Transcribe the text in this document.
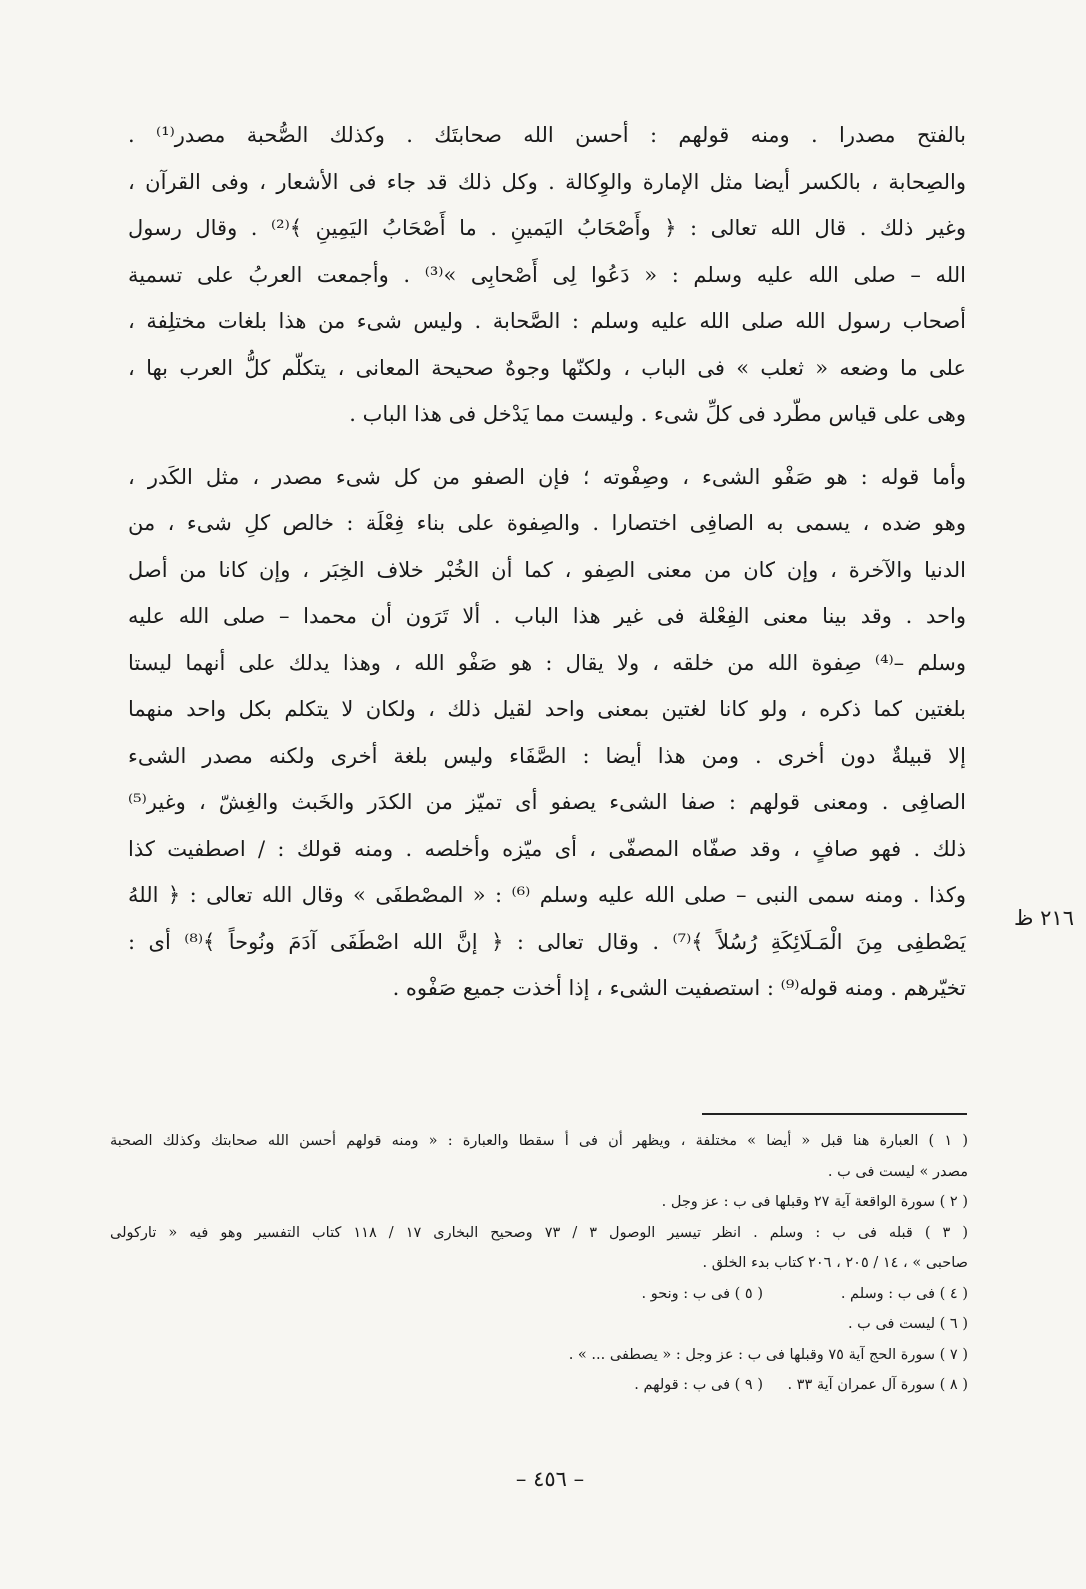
بالفتح مصدرا . ومنه قولهم : أحسن الله صحابتَك . وكذلك الصُّحبة مصدر⁽¹⁾ .
والصِحابة ، بالكسر أيضا مثل الإمارة والوِكالة . وكل ذلك قد جاء فى الأشعار ، وفى القرآن ،
وغير ذلك . قال الله تعالى : ﴿ وأَصْحَابُ اليَمينِ . ما أَصْحَابُ اليَمِينِ ﴾⁽²⁾ . وقال رسول
الله – صلى الله عليه وسلم : « دَعُوا لِى أَصْحابِى »⁽³⁾ . وأجمعت العربُ على تسمية
أصحاب رسول الله صلى الله عليه وسلم : الصَّحابة . وليس شىء من هذا بلغات مختلِفة ،
على ما وضعه « ثعلب » فى الباب ، ولكنّها وجوهٌ صحيحة المعانى ، يتكلّم كلُّ العرب بها ،
وهى على قياس مطّرد فى كلِّ شىء . وليست مما يَدْخل فى هذا الباب .
وأما قوله : هو صَفْو الشىء ، وصِفْوته ؛ فإن الصفو من كل شىء مصدر ، مثل الكَدر ،
وهو ضده ، يسمى به الصافِى اختصارا . والصِفوة على بناء فِعْلَة : خالص كلِ شىء ، من
الدنيا والآخرة ، وإن كان من معنى الصِفو ، كما أن الخُبْر خلاف الخِبَر ، وإن كانا من أصل
واحد . وقد بينا معنى الفِعْلة فى غير هذا الباب . ألا تَرَون أن محمدا – صلى الله عليه
وسلم –⁽⁴⁾ صِفوة الله من خلقه ، ولا يقال : هو صَفْو الله ، وهذا يدلك على أنهما ليستا
بلغتين كما ذكره ، ولو كانا لغتين بمعنى واحد لقيل ذلك ، ولكان لا يتكلم بكل واحد منهما
إلا قبيلةٌ دون أخرى . ومن هذا أيضا : الصَّفَاء وليس بلغة أخرى ولكنه مصدر الشىء
الصافِى . ومعنى قولهم : صفا الشىء يصفو أى تميّز من الكدَر والخَبث والغِشّ ، وغير⁽⁵⁾
ذلك . فهو صافٍ ، وقد صفّاه المصفّى ، أى ميّزه وأخلصه . ومنه قولك : / اصطفيت كذا
وكذا . ومنه سمى النبى – صلى الله عليه وسلم ⁽⁶⁾ : « المصْطفَى » وقال الله تعالى : ﴿ اللهُ
يَصْطفِى مِنَ الْمَـلَائِكَةِ رُسُلاً ﴾⁽⁷⁾ . وقال تعالى : ﴿ إنَّ الله اصْطَفَى آدَمَ ونُوحاً ﴾⁽⁸⁾ أى :
تخيّرهم . ومنه قوله⁽⁹⁾ : استصفيت الشىء ، إذا أخذت جميع صَفْوه .
٢١٦ ظ
( ١ ) العبارة هنا قبل « أيضا » مختلفة ، ويظهر أن فى أ سقطا والعبارة : « ومنه قولهم أحسن الله صحابتك وكذلك الصحبة
مصدر » ليست فى ب .
( ٢ ) سورة الواقعة آية ٢٧ وقبلها فى ب : عز وجل .
( ٣ ) قبله فى ب : وسلم . انظر تيسير الوصول ٣ / ٧٣ وصحيح البخارى ١٧ / ١١٨ كتاب التفسير وهو فيه « تاركولى
صاحبى » ، ١٤ / ٢٠٥ ، ٢٠٦ كتاب بدء الخلق .
( ٤ ) فى ب : وسلم .
( ٥ ) فى ب : ونحو .
( ٦ ) ليست فى ب .
( ٧ ) سورة الحج آية ٧٥ وقبلها فى ب : عز وجل : « يصطفى ... » .
( ٨ ) سورة آل عمران آية ٣٣ .
( ٩ ) فى ب : قولهم .
– ٤٥٦ –
